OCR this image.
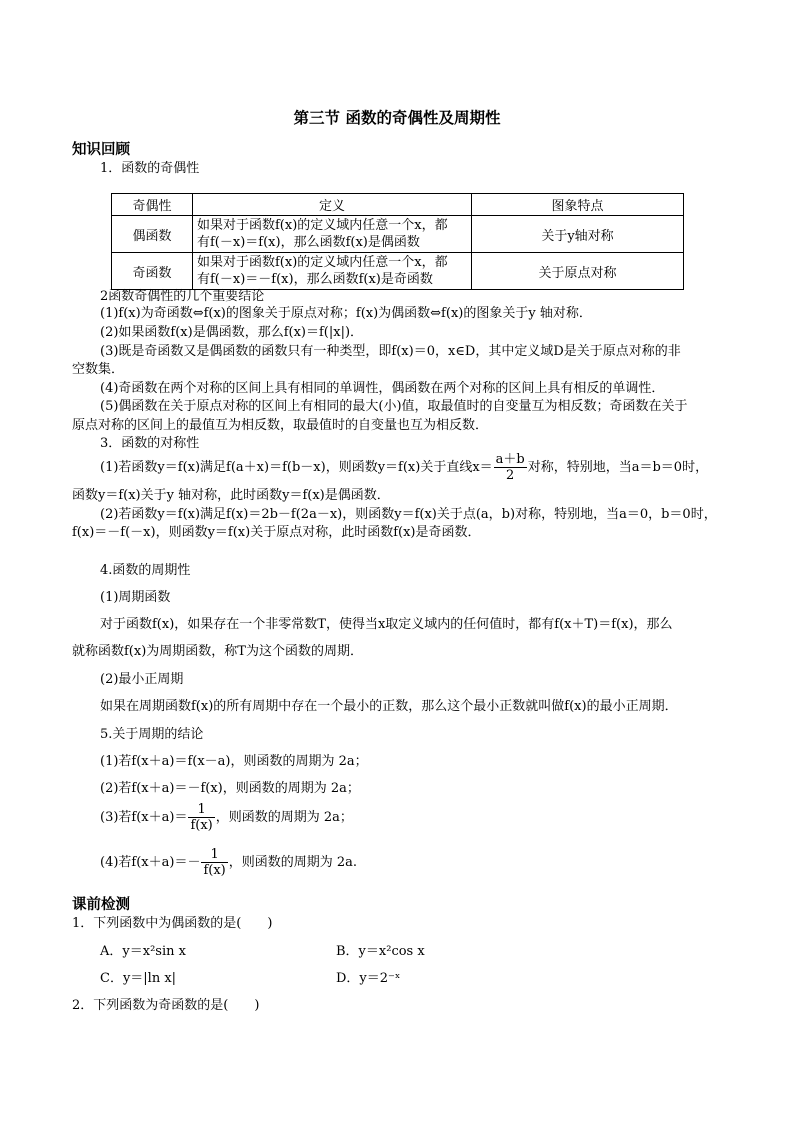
第三节 函数的奇偶性及周期性
知识回顾
1．函数的奇偶性
奇偶性	定义	图象特点
偶函数	如果对于函数f(x)的定义域内任意一个x，都
有f(－x)＝f(x)，那么函数f(x)是偶函数	关于y轴对称
奇函数	如果对于函数f(x)的定义域内任意一个x，都
有f(－x)＝－f(x)，那么函数f(x)是奇函数	关于原点对称
2函数奇偶性的几个重要结论
(1)f(x)为奇函数⇔f(x)的图象关于原点对称；f(x)为偶函数⇔f(x)的图象关于y 轴对称．
(2)如果函数f(x)是偶函数，那么f(x)＝f(|x|)．
(3)既是奇函数又是偶函数的函数只有一种类型，即f(x)＝0，x∈D，其中定义域D是关于原点对称的非
空数集．
(4)奇函数在两个对称的区间上具有相同的单调性，偶函数在两个对称的区间上具有相反的单调性．
(5)偶函数在关于原点对称的区间上有相同的最大(小)值，取最值时的自变量互为相反数；奇函数在关于
原点对称的区间上的最值互为相反数，取最值时的自变量也互为相反数．
3．函数的对称性
(1)若函数y＝f(x)满足f(a＋x)＝f(b－x)，则函数y＝f(x)关于直线$x= \frac{a+b}{2}$ 对称，特别地，当a＝b＝0时，
函数y＝f(x)关于y 轴对称，此时函数y＝f(x)是偶函数．
(2)若函数y＝f(x)满足f(x)＝2b－f(2a－x)，则函数y＝f(x)关于点(a，b)对称，特别地，当a＝0，b＝0时，
f(x)＝－f(－x)，则函数y＝f(x)关于原点对称，此时函数f(x)是奇函数．
4.函数的周期性
(1)周期函数
对于函数f(x)，如果存在一个非零常数T，使得当x取定义域内的任何值时，都有f(x＋T)＝f(x)，那么
就称函数f(x)为周期函数，称T为这个函数的周期．
(2)最小正周期
如果在周期函数f(x)的所有周期中存在一个最小的正数，那么这个最小正数就叫做f(x)的最小正周期．
5.关于周期的结论
(1)若f(x＋a)＝f(x－a)，则函数的周期为 2a；
(2)若f(x＋a)＝－f(x)，则函数的周期为 2a；
(3)若$f(x+a)= \frac{1}{f(x)}$ ，则函数的周期为 2a；
(4)若$f(x+a)=- \frac{1}{f(x)}$ ，则函数的周期为 2a.
课前检测
1．下列函数中为偶函数的是(　　)
A．y＝x²sin x	B．y＝x²cos x
C．y＝|ln x|	D．y＝2⁻ˣ
2．下列函数为奇函数的是(　　)
